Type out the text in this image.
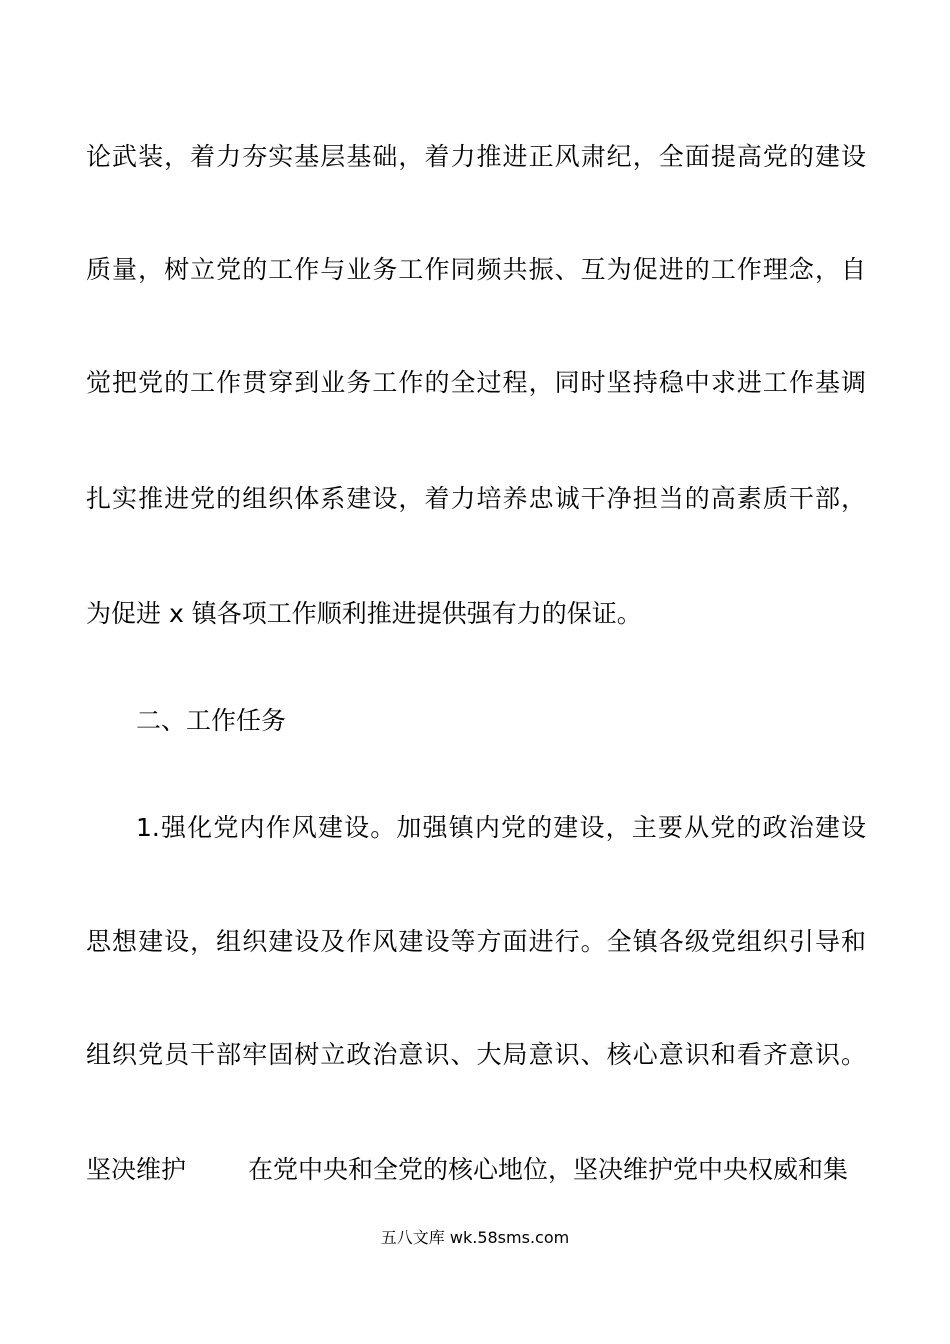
论武装，着力夯实基层基础，着力推进正风肃纪，全面提高党的建设
质量，树立党的工作与业务工作同频共振、互为促进的工作理念，自
觉把党的工作贯穿到业务工作的全过程，同时坚持稳中求进工作基调
扎实推进党的组织体系建设，着力培养忠诚干净担当的高素质干部，
为促进 x 镇各项工作顺利推进提供强有力的保证。
二、工作任务
1.强化党内作风建设。加强镇内党的建设，主要从党的政治建设
思想建设，组织建设及作风建设等方面进行。全镇各级党组织引导和
组织党员干部牢固树立政治意识、大局意识、核心意识和看齐意识。
坚决维护 在党中央和全党的核心地位，坚决维护党中央权威和集
五八文库 wk.58sms.com
